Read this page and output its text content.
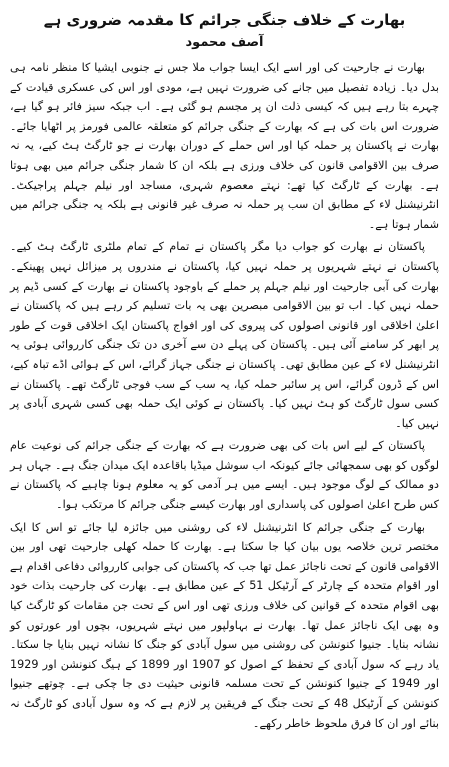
بھارت کے خلاف جنگی جرائم کا مقدمہ ضروری ہے
آصف محمود

بھارت نے جارحیت کی اور اسے ایک ایسا جواب ملا جس نے جنوبی ایشیا کا منظر نامہ ہی بدل دیا۔ زیادہ تفصیل میں جانے کی ضرورت نہیں ہے، مودی اور اس کی عسکری قیادت کے چہرے بتا رہے ہیں کہ کیسی ذلت ان پر مجسم ہو گئی ہے۔ اب جبکہ سیز فائر ہو گیا ہے، ضرورت اس بات کی ہے کہ بھارت کے جنگی جرائم کو متعلقہ عالمی فورمز پر اٹھایا جائے۔ بھارت نے پاکستان پر حملہ کیا اور اس حملے کے دوران بھارت نے جو ٹارگٹ ہٹ کیے، یہ نہ صرف بین الاقوامی قانون کی خلاف ورزی ہے بلکہ ان کا شمار جنگی جرائم میں بھی ہوتا ہے۔ بھارت کے ٹارگٹ کیا تھے: نہتے معصوم شہری، مساجد اور نیلم جہلم پراجیکٹ۔ انٹرنیشنل لاء کے مطابق ان سب پر حملہ نہ صرف غیر قانونی ہے بلکہ یہ جنگی جرائم میں شمار ہوتا ہے۔

پاکستان نے بھارت کو جواب دیا مگر پاکستان نے تمام کے تمام ملٹری ٹارگٹ ہٹ کیے۔ پاکستان نے نہتے شہریوں پر حملہ نہیں کیا، پاکستان نے مندروں پر میزائل نہیں پھینکے۔ بھارت کی آبی جارحیت اور نیلم جہلم پر حملے کے باوجود پاکستان نے بھارت کے کسی ڈیم پر حملہ نہیں کیا۔ اب تو بین الاقوامی مبصرین بھی یہ بات تسلیم کر رہے ہیں کہ پاکستان نے اعلیٰ اخلاقی اور قانونی اصولوں کی پیروی کی اور افواج پاکستان ایک اخلاقی قوت کے طور پر ابھر کر سامنے آئی ہیں۔ پاکستان کی پہلے دن سے آخری دن تک جنگی کارروائی ہوئی یہ انٹرنیشنل لاء کے عین مطابق تھی۔ پاکستان نے جنگی جہاز گرائے، اس کے ہوائی اڈے تباہ کیے، اس کے ڈرون گرائے، اس پر سائبر حملہ کیا، یہ سب کے سب فوجی ٹارگٹ تھے۔ پاکستان نے کسی سول ٹارگٹ کو ہٹ نہیں کیا۔ پاکستان نے کوئی ایک حملہ بھی کسی شہری آبادی پر نہیں کیا۔

پاکستان کے لیے اس بات کی بھی ضرورت ہے کہ بھارت کے جنگی جرائم کی نوعیت عام لوگوں کو بھی سمجھائی جائے کیونکہ اب سوشل میڈیا باقاعدہ ایک میدان جنگ ہے۔ جہاں ہر دو ممالک کے لوگ موجود ہیں۔ ایسے میں ہر آدمی کو یہ معلوم ہونا چاہیے کہ پاکستان نے کس طرح اعلیٰ اصولوں کی پاسداری اور بھارت کیسے جنگی جرائم کا مرتکب ہوا۔

بھارت کے جنگی جرائم کا انٹرنیشنل لاء کی روشنی میں جائزہ لیا جائے تو اس کا ایک مختصر ترین خلاصہ یوں بیان کیا جا سکتا ہے۔ بھارت کا حملہ کھلی جارحیت تھی اور بین الاقوامی قانون کے تحت ناجائز عمل تھا جب کہ پاکستان کی جوابی کارروائی دفاعی اقدام ہے اور اقوام متحدہ کے چارٹر کے آرٹیکل 51 کے عین مطابق ہے۔ بھارت کی جارحیت بذات خود بھی اقوام متحدہ کے قوانین کی خلاف ورزی تھی اور اس کے تحت جن مقامات کو ٹارگٹ کیا وہ بھی ایک ناجائز عمل تھا۔ بھارت نے بہاولپور میں نہتے شہریوں، بچوں اور عورتوں کو نشانہ بنایا۔ جنیوا کنونشن کی روشنی میں سول آبادی کو جنگ کا نشانہ نہیں بنایا جا سکتا۔ یاد رہے کہ سول آبادی کے تحفظ کے اصول کو 1907 اور 1899 کے ہیگ کنونشن اور 1929 اور 1949 کے جنیوا کنونشن کے تحت مسلمہ قانونی حیثیت دی جا چکی ہے۔ چوتھے جنیوا کنونشن کے آرٹیکل 48 کے تحت جنگ کے فریقین پر لازم ہے کہ وہ سول آبادی کو ٹارگٹ نہ بنائے اور ان کا فرق ملحوظ خاطر رکھے۔
